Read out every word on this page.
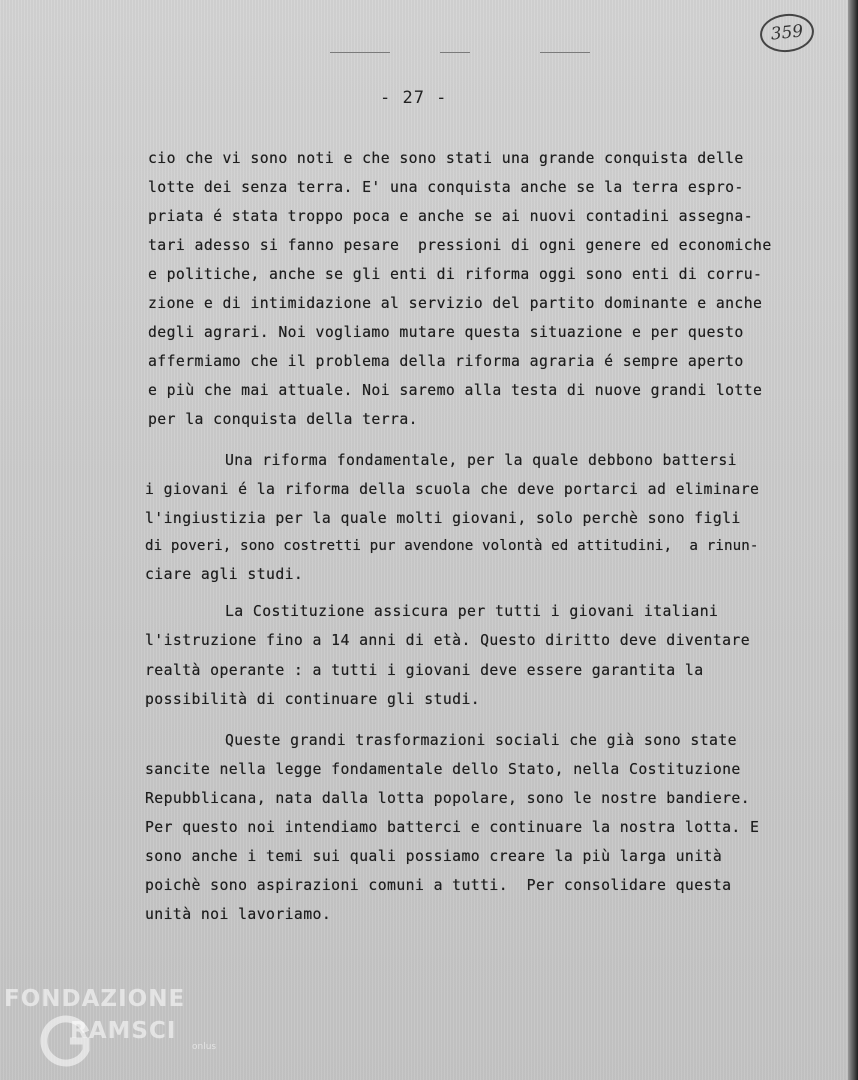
359
- 27 -
cio che vi sono noti e che sono stati una grande conquista delle
lotte dei senza terra. E' una conquista anche se la terra espro-
priata é stata troppo poca e anche se ai nuovi contadini assegna-
tari adesso si fanno pesare  pressioni di ogni genere ed economiche
e politiche, anche se gli enti di riforma oggi sono enti di corru-
zione e di intimidazione al servizio del partito dominante e anche
degli agrari. Noi vogliamo mutare questa situazione e per questo
affermiamo che il problema della riforma agraria é sempre aperto
e più che mai attuale. Noi saremo alla testa di nuove grandi lotte
per la conquista della terra.
Una riforma fondamentale, per la quale debbono battersi
i giovani é la riforma della scuola che deve portarci ad eliminare
l'ingiustizia per la quale molti giovani, solo perchè sono figli
di poveri, sono costretti pur avendone volontà ed attitudini,  a rinun-
ciare agli studi.
La Costituzione assicura per tutti i giovani italiani
l'istruzione fino a 14 anni di età. Questo diritto deve diventare
realtà operante : a tutti i giovani deve essere garantita la
possibilità di continuare gli studi.
Queste grandi trasformazioni sociali che già sono state
sancite nella legge fondamentale dello Stato, nella Costituzione
Repubblicana, nata dalla lotta popolare, sono le nostre bandiere.
Per questo noi intendiamo batterci e continuare la nostra lotta. E
sono anche i temi sui quali possiamo creare la più larga unità
poichè sono aspirazioni comuni a tutti.  Per consolidare questa
unità noi lavoriamo.
FONDAZIONE
RAMSCI
onlus
